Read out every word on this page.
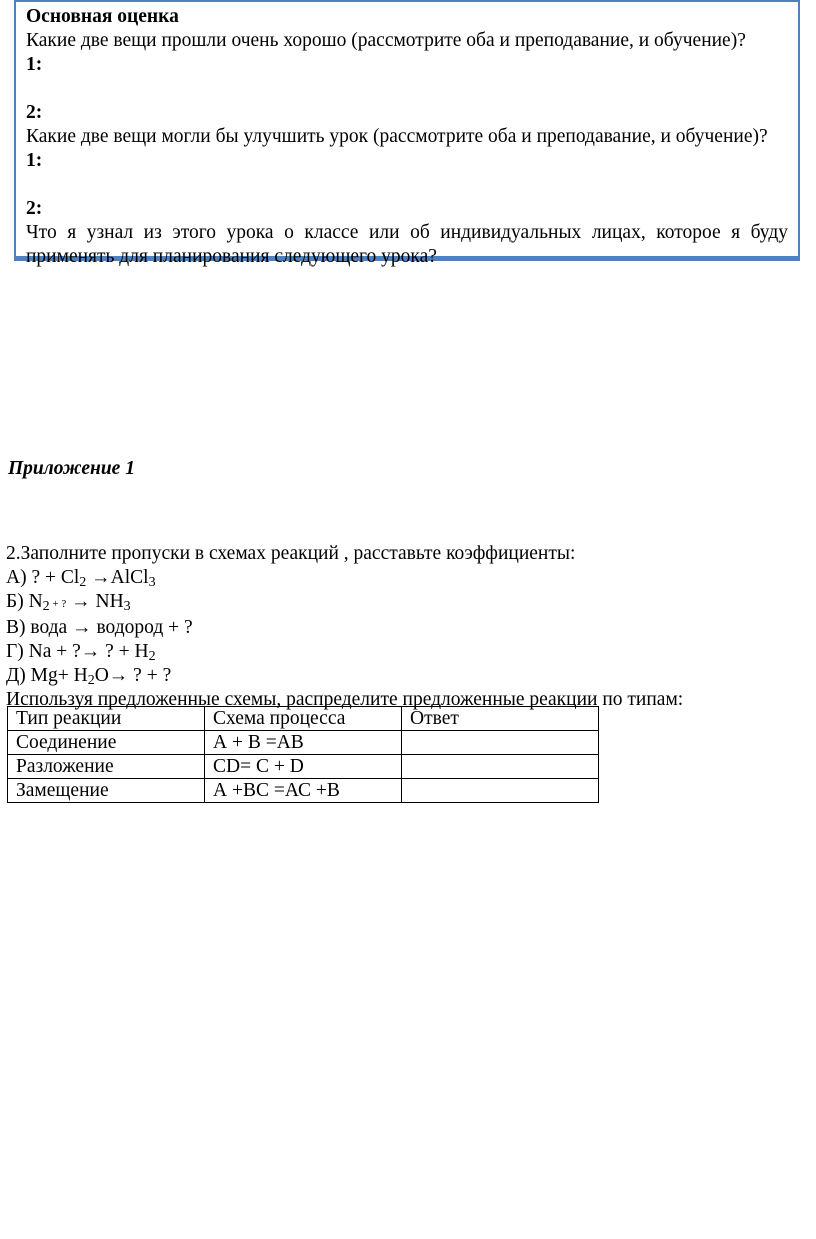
Основная оценка
Какие две вещи прошли очень хорошо (рассмотрите оба и преподавание, и обучение)?
1:
2:
Какие две вещи могли бы улучшить урок (рассмотрите оба и преподавание, и обучение)?
1:
2:
Что я узнал из этого урока о классе или об индивидуальных лицах, которое я буду применять для планирования следующего урока?
Приложение 1
2.Заполните пропуски в схемах реакций , расставьте коэффициенты:
А) ? + $Cl_2$ →AlCl$_3$
Б) $N_2$ + ? → $NH_3$
В) вода → водород + ?
Г) Na + ?→ ? + $H_2$
Д) $Mg+ H_2O\to$ ? + ?
Используя предложенные схемы, распределите предложенные реакции по типам:
Тип реакции	Схема процесса	Ответ
Соединение	А + В =АВ	
Разложение	CD= C + D	
Замещение	А +ВС =АС +В	
